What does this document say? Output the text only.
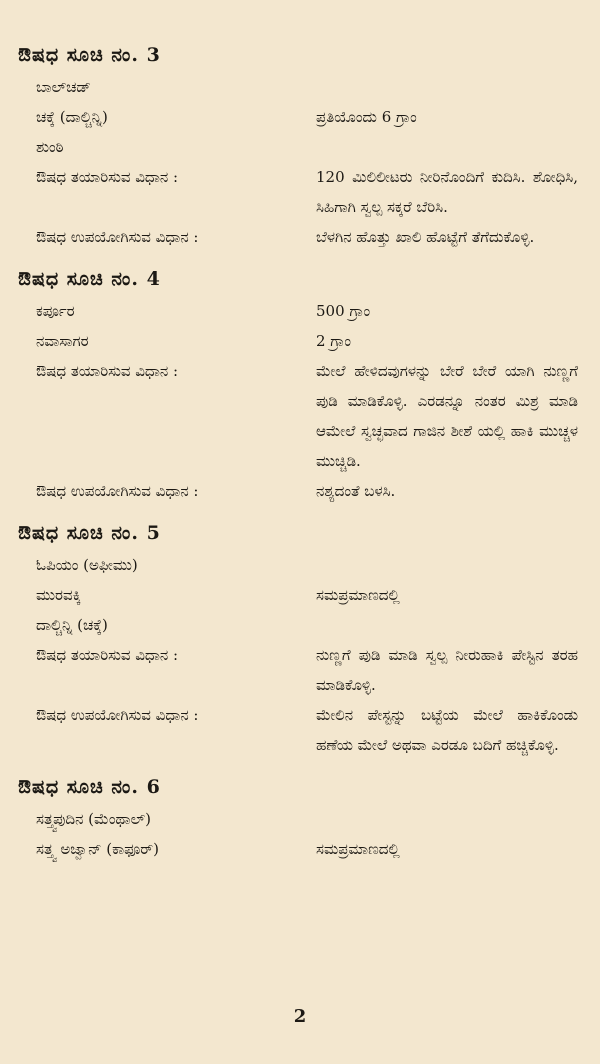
ಔಷಧ ಸೂಚಿ ನಂ. 3
ಬಾಲ್‌ಚಡ್
ಚಕ್ಕೆ (ದಾಲ್ಚಿನ್ನಿ)	ಪ್ರತಿಯೊಂದು 6 ಗ್ರಾಂ
ಶುಂಠಿ
ಔಷಧ ತಯಾರಿಸುವ ವಿಧಾನ :	120 ಮಿಲಿಲೀಟರು ನೀರಿನೊಂದಿಗೆ ಕುದಿಸಿ. ಶೋಧಿಸಿ, ಸಿಹಿಗಾಗಿ ಸ್ವಲ್ಪ ಸಕ್ಕರೆ ಬೆರಿಸಿ.
ಔಷಧ ಉಪಯೋಗಿಸುವ ವಿಧಾನ :	ಬೆಳಗಿನ ಹೊತ್ತು ಖಾಲಿ ಹೊಟ್ಟೆಗೆ ತೆಗೆದುಕೊಳ್ಳಿ.
ಔಷಧ ಸೂಚಿ ನಂ. 4
ಕರ್ಪೂರ	500 ಗ್ರಾಂ
ನವಾಸಾಗರ	2 ಗ್ರಾಂ
ಔಷಧ ತಯಾರಿಸುವ ವಿಧಾನ :	ಮೇಲೆ ಹೇಳಿದವುಗಳನ್ನು ಬೇರೆ ಬೇರೆ ಯಾಗಿ ನುಣ್ಣಗೆ ಪುಡಿ ಮಾಡಿಕೊಳ್ಳಿ. ಎರಡನ್ನೂ ನಂತರ ಮಿಶ್ರ ಮಾಡಿ ಆಮೇಲೆ ಸ್ವಚ್ಛವಾದ ಗಾಜಿನ ಶೀಶೆ ಯಲ್ಲಿ ಹಾಕಿ ಮುಚ್ಚಳ ಮುಚ್ಚಿಡಿ.
ಔಷಧ ಉಪಯೋಗಿಸುವ ವಿಧಾನ :	ನಶ್ಯದಂತೆ ಬಳಸಿ.
ಔಷಧ ಸೂಚಿ ನಂ. 5
ಓಪಿಯಂ (ಅಫೀಮು)
ಮುರವಕ್ಕಿ	ಸಮಪ್ರಮಾಣದಲ್ಲಿ
ದಾಲ್ಚಿನ್ನಿ (ಚಕ್ಕೆ)
ಔಷಧ ತಯಾರಿಸುವ ವಿಧಾನ :	ನುಣ್ಣಗೆ ಪುಡಿ ಮಾಡಿ ಸ್ವಲ್ಪ ನೀರುಹಾಕಿ ಪೇಸ್ಟಿನ ತರಹ ಮಾಡಿಕೊಳ್ಳಿ.
ಔಷಧ ಉಪಯೋಗಿಸುವ ವಿಧಾನ :	ಮೇಲಿನ ಪೇಸ್ಟನ್ನು ಬಟ್ಟೆಯ ಮೇಲೆ ಹಾಕಿಕೊಂಡು ಹಣೆಯ ಮೇಲೆ ಅಥವಾ ಎರಡೂ ಬದಿಗೆ ಹಚ್ಚಿಕೊಳ್ಳಿ.
ಔಷಧ ಸೂಚಿ ನಂ. 6
ಸತ್ತ್ವಪುದಿನ (ಮೆಂಥಾಲ್)
ಸತ್ತ್ವ ಅಜ್ವಾನ್ (ಕಾಫೂರ್)	ಸಮಪ್ರಮಾಣದಲ್ಲಿ
2
